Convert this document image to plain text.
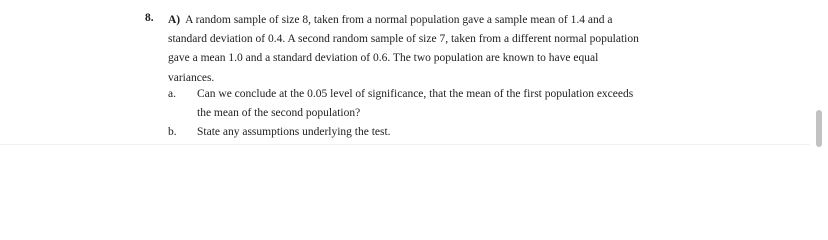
8. A) A random sample of size 8, taken from a normal population gave a sample mean of 1.4 and a
standard deviation of 0.4. A second random sample of size 7, taken from a different normal population
gave a mean 1.0 and a standard deviation of 0.6. The two population are known to have equal
variances.
a.	Can we conclude at the 0.05 level of significance, that the mean of the first population exceeds
the mean of the second population?
b.	State any assumptions underlying the test.
